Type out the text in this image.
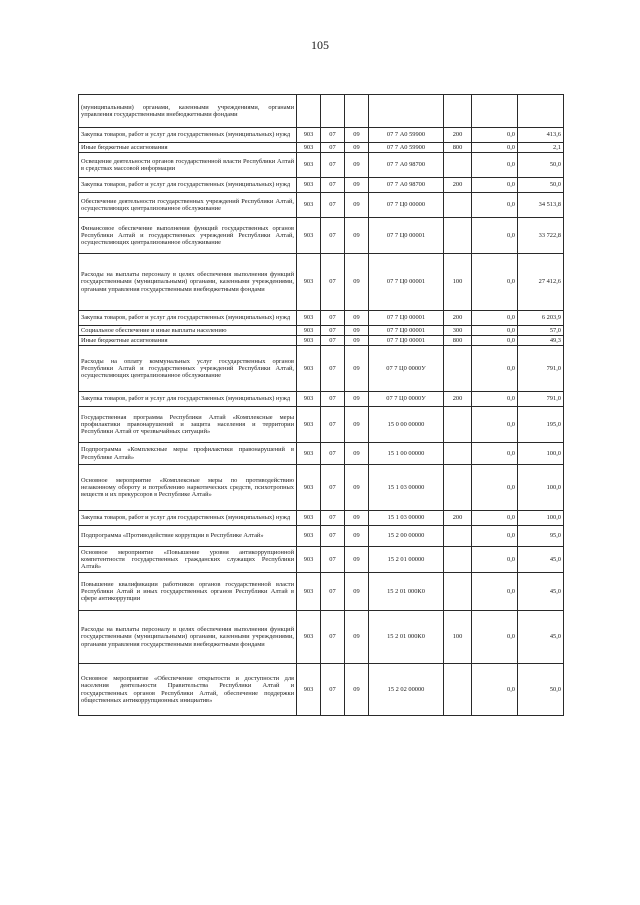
105
(муниципальными) органами, казенными учреждениями, органами управления государственными внебюджетными фондами							
Закупка товаров, работ и услуг для государственных (муниципальных) нужд	903	07	09	07 7 А0 59900	200	0,0	413,6
Иные бюджетные ассигнования	903	07	09	07 7 А0 59900	800	0,0	2,1
Освещение деятельности органов государственной власти Республики Алтай в средствах массовой информации	903	07	09	07 7 А0 98700		0,0	50,0
Закупка товаров, работ и услуг для государственных (муниципальных) нужд	903	07	09	07 7 А0 98700	200	0,0	50,0
Обеспечение деятельности государственных учреждений Республики Алтай, осуществляющих централизованное обслуживание	903	07	09	07 7 Ц0 00000		0,0	34 513,8
Финансовое обеспечение выполнения функций государственных органов Республики Алтай и государственных учреждений Республики Алтай, осуществляющих централизованное обслуживание	903	07	09	07 7 Ц0 00001		0,0	33 722,8
Расходы на выплаты персоналу в целях обеспечения выполнения функций государственными (муниципальными) органами, казенными учреждениями, органами управления государственными внебюджетными фондами	903	07	09	07 7 Ц0 00001	100	0,0	27 412,6
Закупка товаров, работ и услуг для государственных (муниципальных) нужд	903	07	09	07 7 Ц0 00001	200	0,0	6 203,9
Социальное обеспечение и иные выплаты населению	903	07	09	07 7 Ц0 00001	300	0,0	57,0
Иные бюджетные ассигнования	903	07	09	07 7 Ц0 00001	800	0,0	49,3
Расходы на оплату коммунальных услуг государственных органов Республики Алтай и государственных учреждений Республики Алтай, осуществляющих централизованное обслуживание	903	07	09	07 7 Ц0 0000У		0,0	791,0
Закупка товаров, работ и услуг для государственных (муниципальных) нужд	903	07	09	07 7 Ц0 0000У	200	0,0	791,0
Государственная программа Республики Алтай «Комплексные меры профилактики правонарушений и защита населения и территории Республики Алтай от чрезвычайных ситуаций»	903	07	09	15 0 00 00000		0,0	195,0
Подпрограмма «Комплексные меры профилактики правонарушений в Республике Алтай»	903	07	09	15 1 00 00000		0,0	100,0
Основное мероприятие «Комплексные меры по противодействию незаконному обороту и потреблению наркотических средств, психотропных веществ и их прекурсоров в Республике Алтай»	903	07	09	15 1 03 00000		0,0	100,0
Закупка товаров, работ и услуг для государственных (муниципальных) нужд	903	07	09	15 1 03 00000	200	0,0	100,0
Подпрограмма «Противодействие коррупции в Республике Алтай»	903	07	09	15 2 00 00000		0,0	95,0
Основное мероприятие «Повышение уровня антикоррупционной компетентности государственных гражданских служащих Республики Алтай»	903	07	09	15 2 01 00000		0,0	45,0
Повышение квалификации работников органов государственной власти Республики Алтай и иных государственных органов Республики Алтай в сфере антикоррупции	903	07	09	15 2 01 000К0		0,0	45,0
Расходы на выплаты персоналу в целях обеспечения выполнения функций государственными (муниципальными) органами, казенными учреждениями, органами управления государственными внебюджетными фондами	903	07	09	15 2 01 000К0	100	0,0	45,0
Основное мероприятие «Обеспечение открытости и доступности для населения деятельности Правительства Республики Алтай и государственных органов Республики Алтай, обеспечение поддержки общественных антикоррупционных инициатив»	903	07	09	15 2 02 00000		0,0	50,0
